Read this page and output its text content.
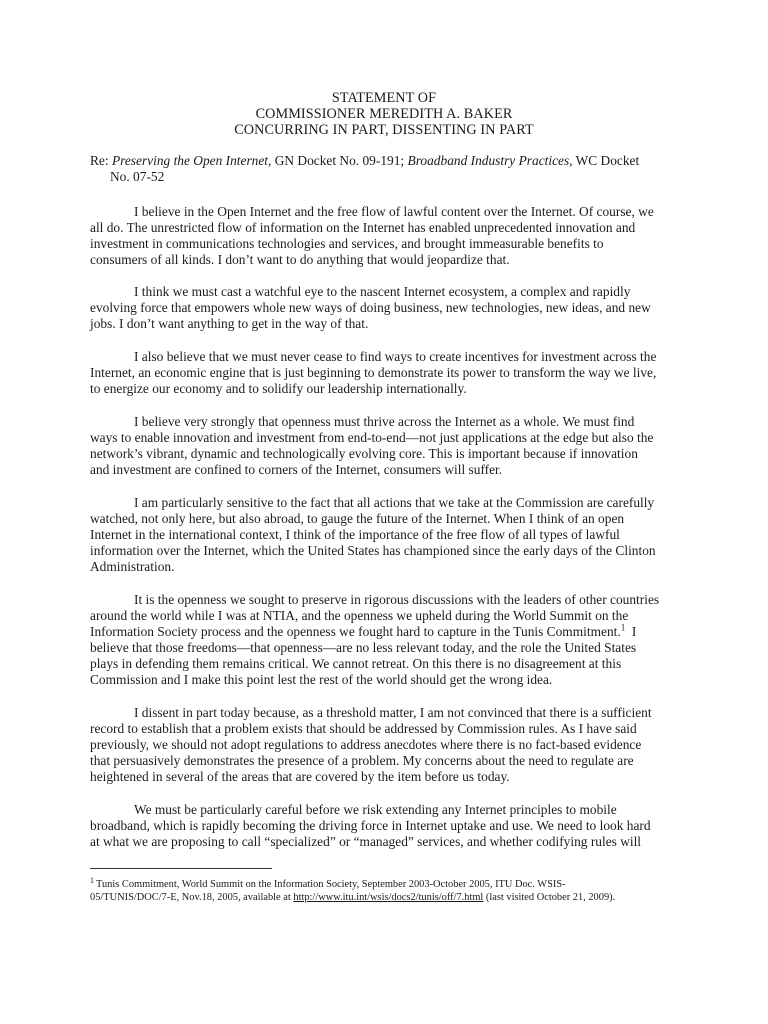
STATEMENT OF
COMMISSIONER MEREDITH A. BAKER
CONCURRING IN PART, DISSENTING IN PART
Re: Preserving the Open Internet, GN Docket No. 09-191; Broadband Industry Practices, WC Docket
No. 07-52
I believe in the Open Internet and the free flow of lawful content over the Internet. Of course, we
all do. The unrestricted flow of information on the Internet has enabled unprecedented innovation and
investment in communications technologies and services, and brought immeasurable benefits to
consumers of all kinds. I don’t want to do anything that would jeopardize that.
I think we must cast a watchful eye to the nascent Internet ecosystem, a complex and rapidly
evolving force that empowers whole new ways of doing business, new technologies, new ideas, and new
jobs. I don’t want anything to get in the way of that.
I also believe that we must never cease to find ways to create incentives for investment across the
Internet, an economic engine that is just beginning to demonstrate its power to transform the way we live,
to energize our economy and to solidify our leadership internationally.
I believe very strongly that openness must thrive across the Internet as a whole. We must find
ways to enable innovation and investment from end-to-end—not just applications at the edge but also the
network’s vibrant, dynamic and technologically evolving core. This is important because if innovation
and investment are confined to corners of the Internet, consumers will suffer.
I am particularly sensitive to the fact that all actions that we take at the Commission are carefully
watched, not only here, but also abroad, to gauge the future of the Internet. When I think of an open
Internet in the international context, I think of the importance of the free flow of all types of lawful
information over the Internet, which the United States has championed since the early days of the Clinton
Administration.
It is the openness we sought to preserve in rigorous discussions with the leaders of other countries
around the world while I was at NTIA, and the openness we upheld during the World Summit on the
Information Society process and the openness we fought hard to capture in the Tunis Commitment.$^1$ I
believe that those freedoms—that openness—are no less relevant today, and the role the United States
plays in defending them remains critical. We cannot retreat. On this there is no disagreement at this
Commission and I make this point lest the rest of the world should get the wrong idea.
I dissent in part today because, as a threshold matter, I am not convinced that there is a sufficient
record to establish that a problem exists that should be addressed by Commission rules. As I have said
previously, we should not adopt regulations to address anecdotes where there is no fact-based evidence
that persuasively demonstrates the presence of a problem. My concerns about the need to regulate are
heightened in several of the areas that are covered by the item before us today.
We must be particularly careful before we risk extending any Internet principles to mobile
broadband, which is rapidly becoming the driving force in Internet uptake and use. We need to look hard
at what we are proposing to call “specialized” or “managed” services, and whether codifying rules will
$^1$ Tunis Commitment, World Summit on the Information Society, September 2003-October 2005, ITU Doc. WSIS-
05/TUNIS/DOC/7-E, Nov.18, 2005, available at http://www.itu.int/wsis/docs2/tunis/off/7.html (last visited October 21, 2009).
